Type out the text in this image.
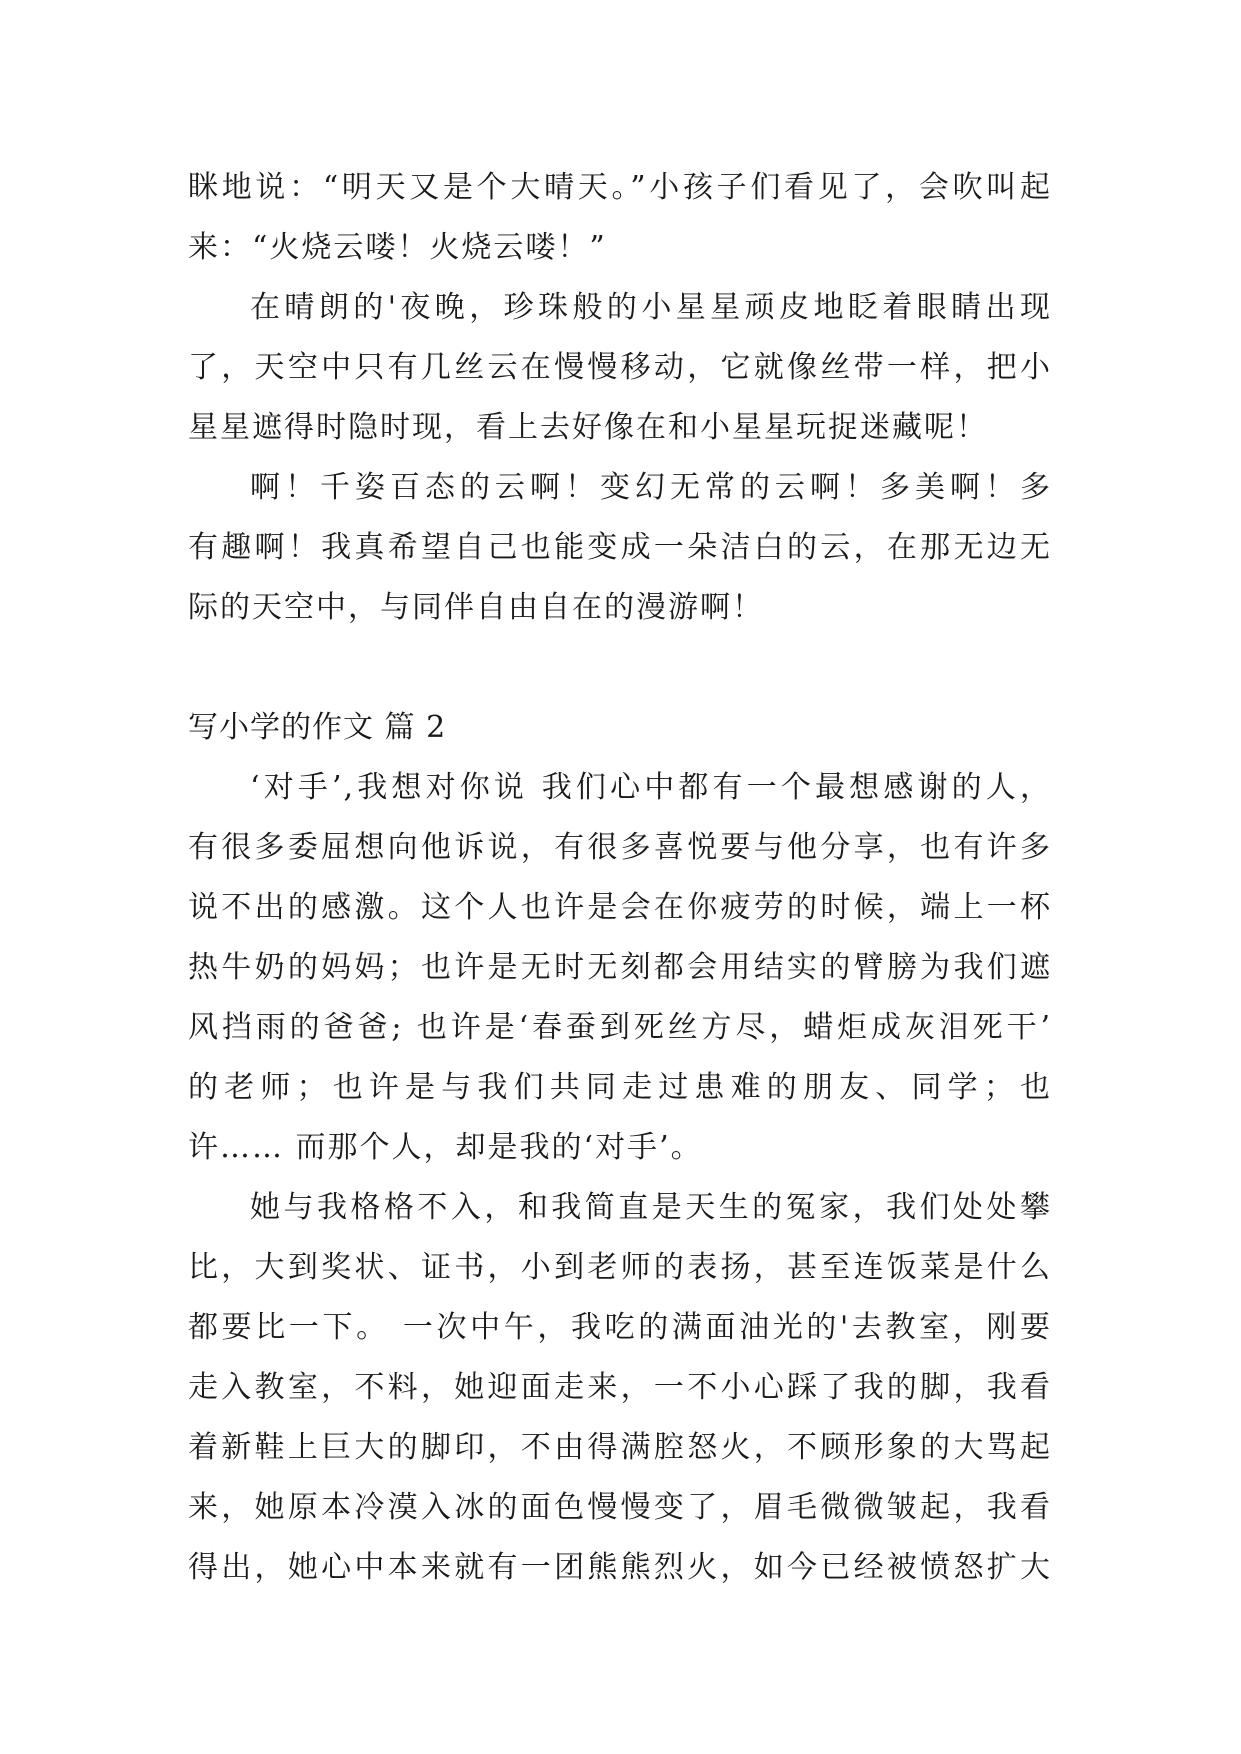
眯地说：“明天又是个大晴天。”小孩子们看见了，会吹叫起
来：“火烧云喽！火烧云喽！”
在晴朗的'夜晚，珍珠般的小星星顽皮地眨着眼睛出现
了，天空中只有几丝云在慢慢移动，它就像丝带一样，把小
星星遮得时隐时现，看上去好像在和小星星玩捉迷藏呢！
啊！千姿百态的云啊！变幻无常的云啊！多美啊！多
有趣啊！我真希望自己也能变成一朵洁白的云，在那无边无
际的天空中，与同伴自由自在的漫游啊！
写小学的作文 篇 2
‘对手’,我想对你说 我们心中都有一个最想感谢的人，
有很多委屈想向他诉说，有很多喜悦要与他分享，也有许多
说不出的感激。这个人也许是会在你疲劳的时候，端上一杯
热牛奶的妈妈；也许是无时无刻都会用结实的臂膀为我们遮
风挡雨的爸爸; 也许是‘春蚕到死丝方尽，蜡炬成灰泪死干’
的老师；也许是与我们共同走过患难的朋友、同学；也
许…… 而那个人，却是我的‘对手’。
她与我格格不入，和我简直是天生的冤家，我们处处攀
比，大到奖状、证书，小到老师的表扬，甚至连饭菜是什么
都要比一下。 一次中午，我吃的满面油光的'去教室，刚要
走入教室，不料，她迎面走来，一不小心踩了我的脚，我看
着新鞋上巨大的脚印，不由得满腔怒火，不顾形象的大骂起
来，她原本冷漠入冰的面色慢慢变了，眉毛微微皱起，我看
得出，她心中本来就有一团熊熊烈火，如今已经被愤怒扩大
